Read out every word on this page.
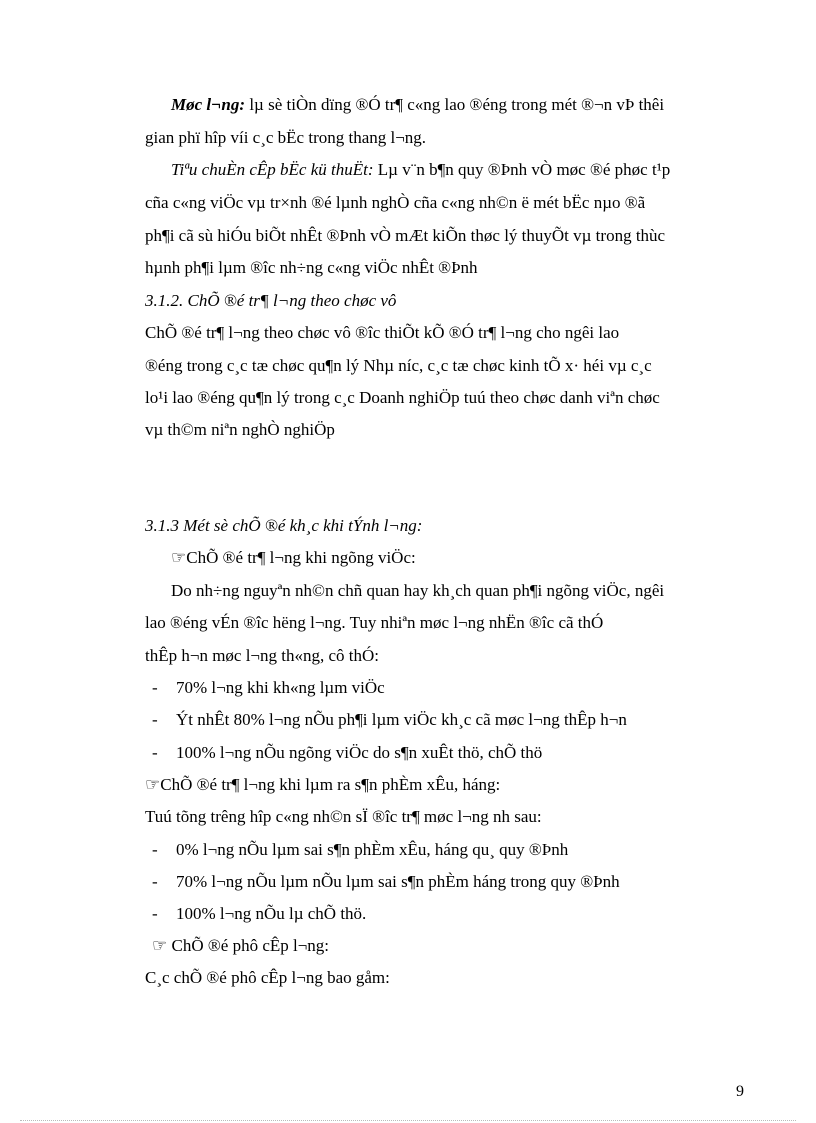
Møc l¬ng: lµ sè tiÒn dïng ®Ó tr¶ c«ng lao ®éng trong mét ®¬n vÞ thêi
gian phï hîp víi c¸c bËc trong thang l¬ng.
Tiªu chuÈn cÊp bËc kü thuËt: Lµ v¨n b¶n quy ®Þnh vÒ møc ®é phøc t¹p
cña c«ng viÖc vµ tr×nh ®é lµnh nghÒ cña c«ng nh©n ë mét bËc nµo ®ã
ph¶i cã sù hiÓu biÕt nhÊt ®Þnh vÒ mÆt kiÕn thøc lý thuyÕt vµ trong thùc
hµnh ph¶i lµm ®îc nh÷ng c«ng viÖc nhÊt ®Þnh
3.1.2. ChÕ ®é tr¶ l¬ng theo chøc vô
ChÕ ®é tr¶ l¬ng theo chøc vô ®îc thiÕt kÕ ®Ó tr¶ l¬ng cho ngêi lao
®éng trong c¸c tæ chøc qu¶n lý Nhµ níc, c¸c tæ chøc kinh tÕ x· héi vµ c¸c
lo¹i lao ®éng qu¶n lý trong c¸c Doanh nghiÖp tuú theo chøc danh viªn chøc
vµ th©m niªn nghÒ nghiÖp
3.1.3 Mét sè chÕ ®é kh¸c khi tÝnh l¬ng:
☞ChÕ ®é tr¶ l¬ng khi ngõng viÖc:
Do nh÷ng nguyªn nh©n chñ quan hay kh¸ch quan ph¶i ngõng viÖc, ngêi
lao ®éng vÉn ®îc hëng l¬ng. Tuy nhiªn møc l¬ng nhËn ®îc cã thÓ
thÊp h¬n møc l¬ng th«ng, cô thÓ:
- 70% l¬ng khi kh«ng lµm viÖc
- Ýt nhÊt 80% l¬ng nÕu ph¶i lµm viÖc kh¸c cã møc l¬ng thÊp h¬n
- 100% l¬ng nÕu ngõng viÖc do s¶n xuÊt thö, chÕ thö
☞ChÕ ®é tr¶ l¬ng khi lµm ra s¶n phÈm xÊu, háng:
Tuú tõng trêng hîp c«ng nh©n sÏ ®îc tr¶ møc l¬ng nh sau:
- 0% l¬ng nÕu lµm sai s¶n phÈm xÊu, háng qu¸ quy ®Þnh
- 70% l¬ng nÕu lµm nÕu lµm sai s¶n phÈm háng trong quy ®Þnh
- 100% l¬ng nÕu lµ chÕ thö.
☞ ChÕ ®é phô cÊp l¬ng:
C¸c chÕ ®é phô cÊp l¬ng bao gåm:
9
